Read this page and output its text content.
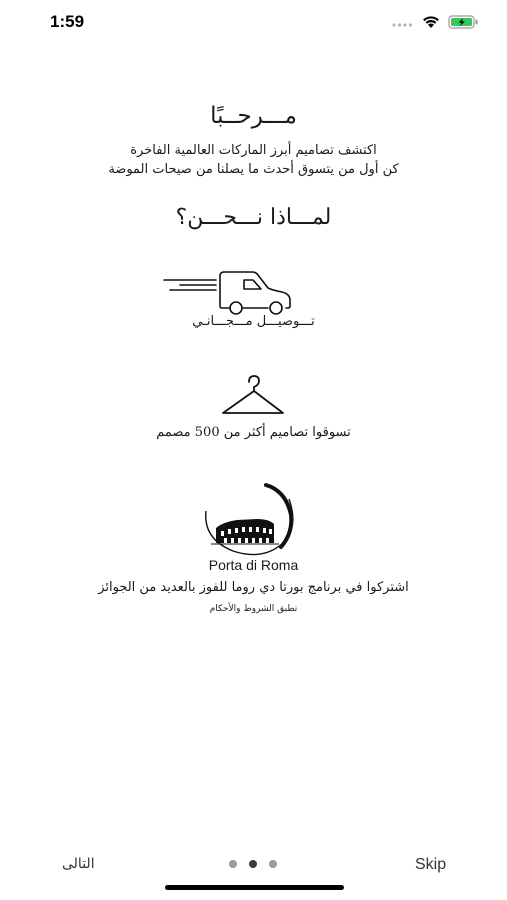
1:59
مـــرحــبًا
اكتشف تصاميم أبرز الماركات العالمية الفاخرة
كن أول من يتسوق أحدث ما يصلنا من صيحات الموضة
لمـــاذا نـــحـــن؟
تـــوصيـــل مـــجـــانـي
تسوقوا تصاميم أكثر من 500 مصمم
Porta di Roma
اشتركوا في برنامج بورتا دي روما للفوز بالعديد من الجوائز
تطبق الشروط والأحكام
التالى	Skip
